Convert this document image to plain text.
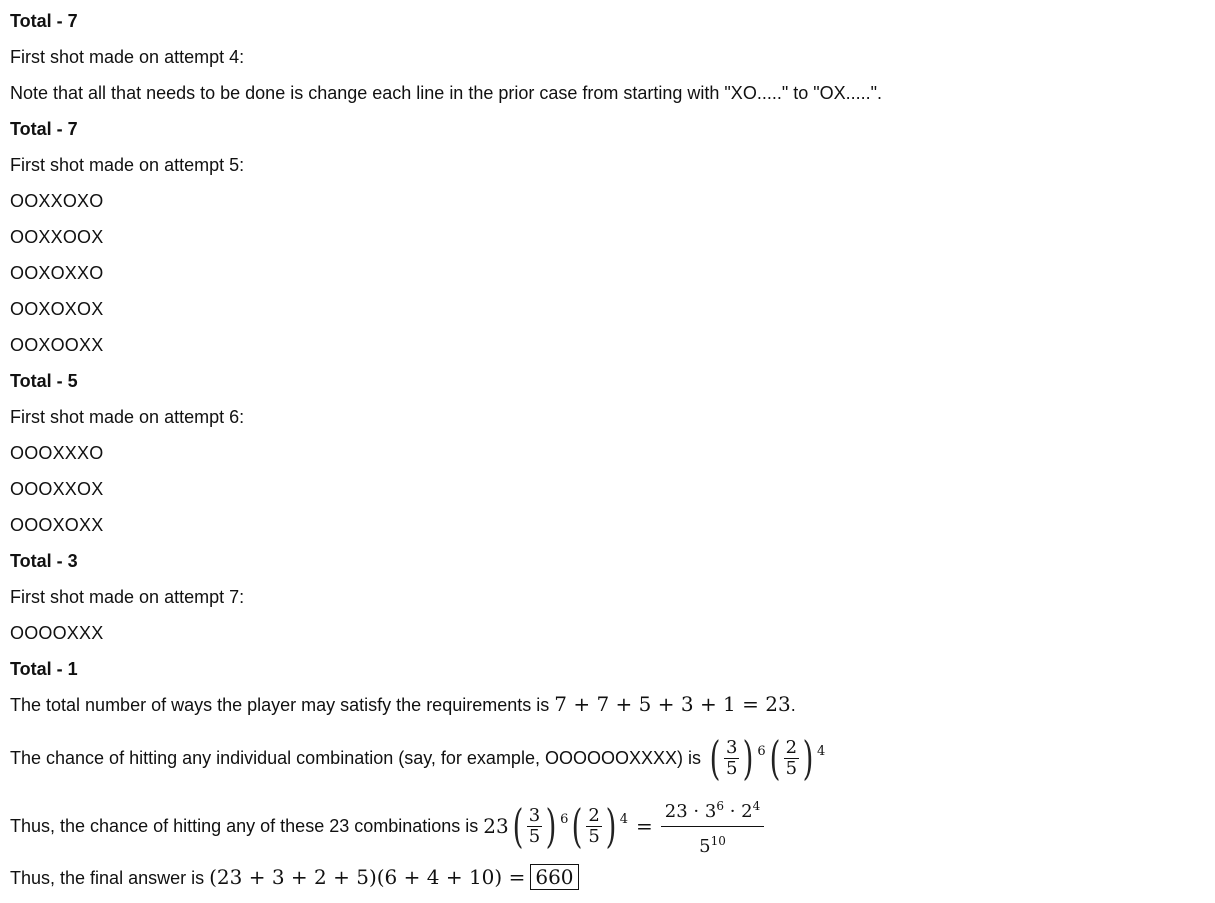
Total - 7
First shot made on attempt 4:
Note that all that needs to be done is change each line in the prior case from starting with "XO....." to "OX.....".
Total - 7
First shot made on attempt 5:
OOXXOXO
OOXXOOX
OOXOXXO
OOXOXOX
OOXOOXX
Total - 5
First shot made on attempt 6:
OOOXXXO
OOOXXOX
OOOXOXX
Total - 3
First shot made on attempt 7:
OOOOXXX
Total - 1
The total number of ways the player may satisfy the requirements is 7 + 7 + 5 + 3 + 1 = 23.
The chance of hitting any individual combination (say, for example, OOOOOOXXXX) is
( $\frac{3}{5}$ ) 6 ( $\frac{2}{5}$ ) 4
Thus, the chance of hitting any of these 23 combinations is
23 ( $\frac{3}{5}$ ) 6 ( $\frac{2}{5}$ ) $4 = \frac{23 \cdot 3^6 \cdot 2^4}{5^{10}}$
Thus, the final answer is (23 + 3 + 2 + 5)(6 + 4 + 10) = 660
